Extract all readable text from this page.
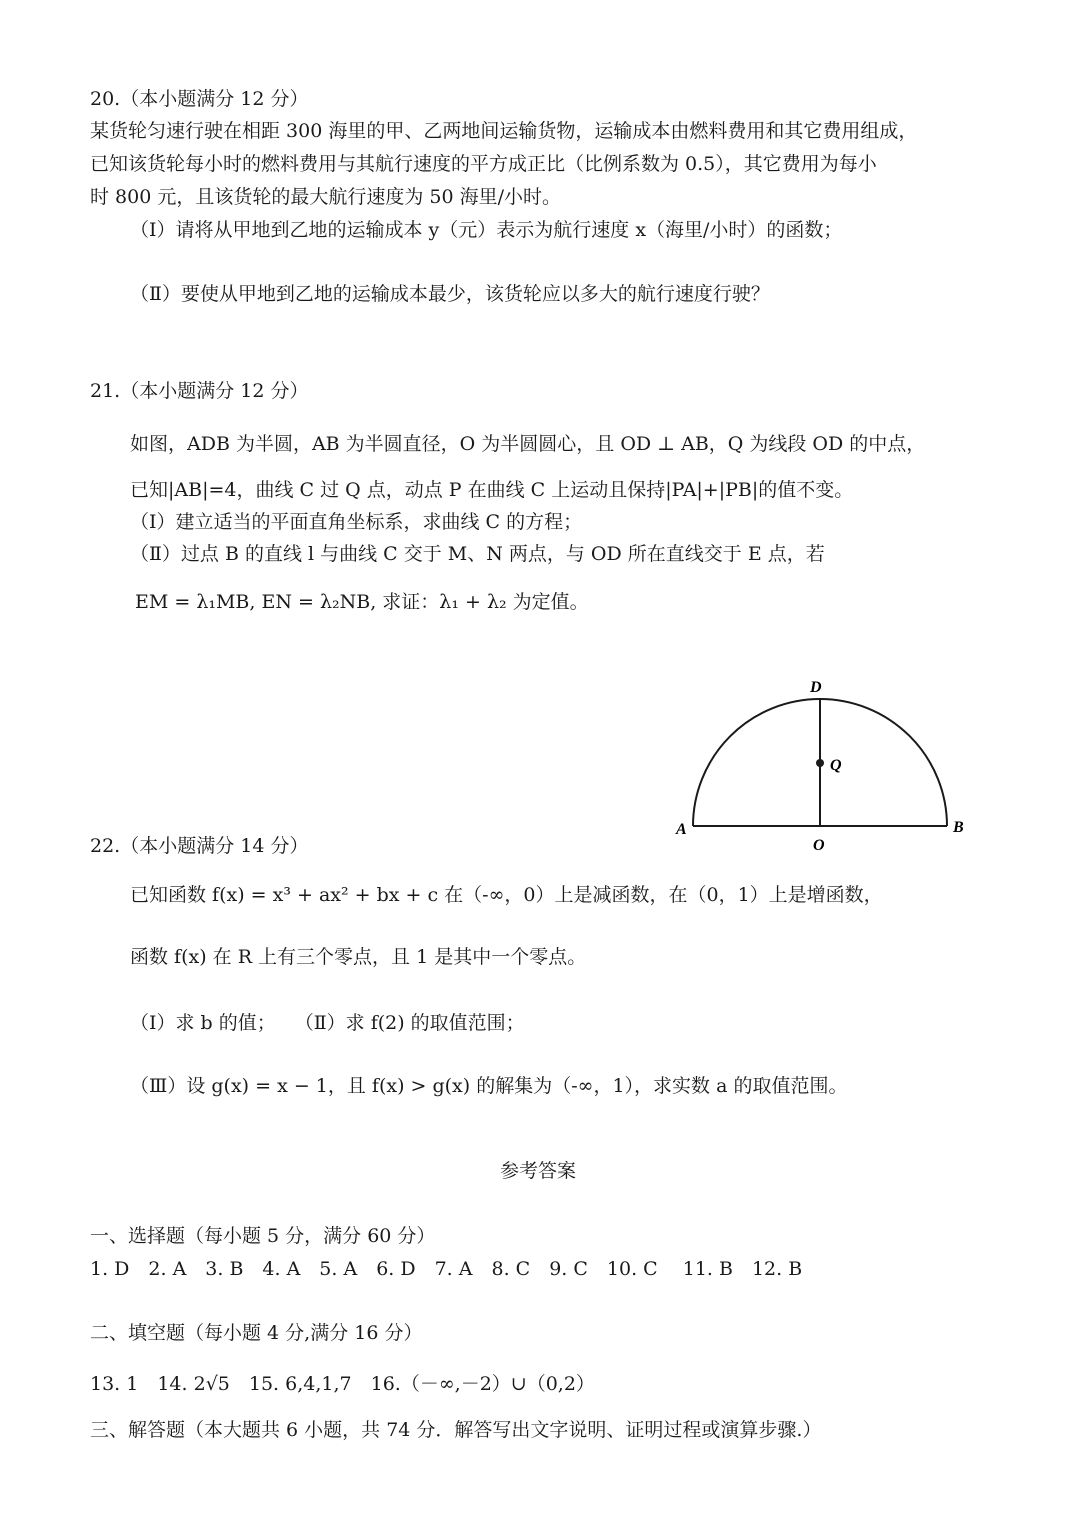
20.（本小题满分 12 分）
某货轮匀速行驶在相距 300 海里的甲、乙两地间运输货物，运输成本由燃料费用和其它费用组成，
已知该货轮每小时的燃料费用与其航行速度的平方成正比（比例系数为 0.5），其它费用为每小
时 800 元，且该货轮的最大航行速度为 50 海里/小时。
（Ⅰ）请将从甲地到乙地的运输成本 y（元）表示为航行速度 x（海里/小时）的函数；
（Ⅱ）要使从甲地到乙地的运输成本最少，该货轮应以多大的航行速度行驶？
21.（本小题满分 12 分）
如图，ADB 为半圆，AB 为半圆直径，O 为半圆圆心，且 OD ⊥ AB，Q 为线段 OD 的中点，
已知|AB|=4，曲线 C 过 Q 点，动点 P 在曲线 C 上运动且保持|PA|+|PB|的值不变。
（Ⅰ）建立适当的平面直角坐标系，求曲线 C 的方程；
（Ⅱ）过点 B 的直线 l 与曲线 C 交于 M、N 两点，与 OD 所在直线交于 E 点，若
EM = λ₁MB, EN = λ₂NB, 求证：λ₁ + λ₂ 为定值。
A	B
O
D
Q
22.（本小题满分 14 分）
已知函数 f(x) = x³ + ax² + bx + c 在（-∞，0）上是减函数，在（0，1）上是增函数，
函数 f(x) 在 R 上有三个零点，且 1 是其中一个零点。
（Ⅰ）求 b 的值；　　（Ⅱ）求 f(2) 的取值范围；
（Ⅲ）设 g(x) = x − 1，且 f(x) > g(x) 的解集为（-∞，1），求实数 a 的取值范围。
参考答案
一、选择题（每小题 5 分，满分 60 分）
1. D　2. A　3. B　4. A　5. A　6. D　7. A　8. C　9. C　10. C　 11. B　12. B
二、填空题（每小题 4 分,满分 16 分）
13. 1　14. 2√5　15. 6,4,1,7　16.（－∞,－2）∪（0,2）
三、解答题（本大题共 6 小题，共 74 分．解答写出文字说明、证明过程或演算步骤.）
